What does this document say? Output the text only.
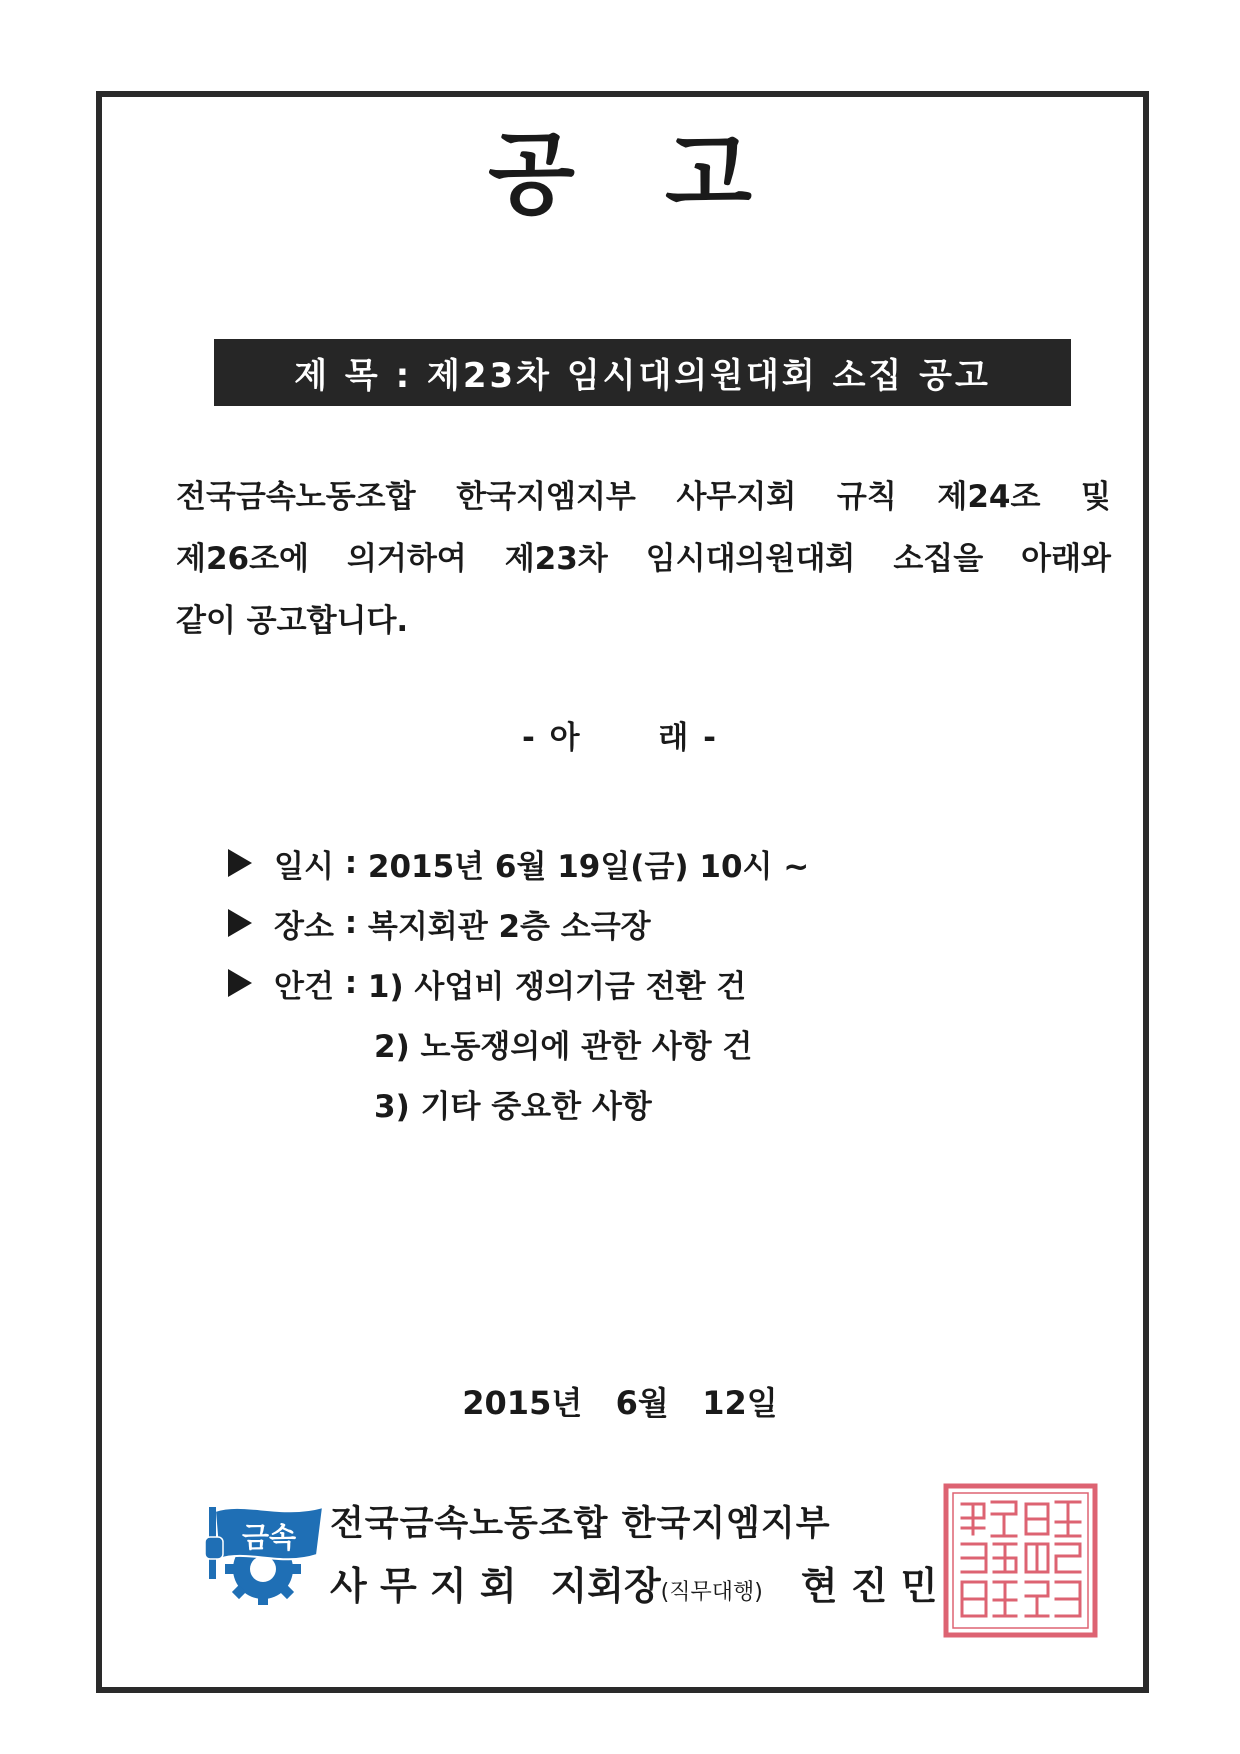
공고
제 목 : 제23차 임시대의원대회 소집 공고
전국금속노동조합 한국지엠지부 사무지회 규칙 제24조 및
제26조에 의거하여 제23차 임시대의원대회 소집을 아래와
같이 공고합니다.
- 아      래 -
일시 : 2015년 6월 19일(금) 10시 ~
장소 : 복지회관 2층 소극장
안건 : 1) 사업비 쟁의기금 전환 건
2) 노동쟁의에 관한 사항 건
3) 기타 중요한 사항
2015년   6월   12일
금속 전국금속노동조합 한국지엠지부
사 무 지 회 지회장 (직무대행) 현 진 민
전국금속노동조합한국지엠지부사무지회지회장
